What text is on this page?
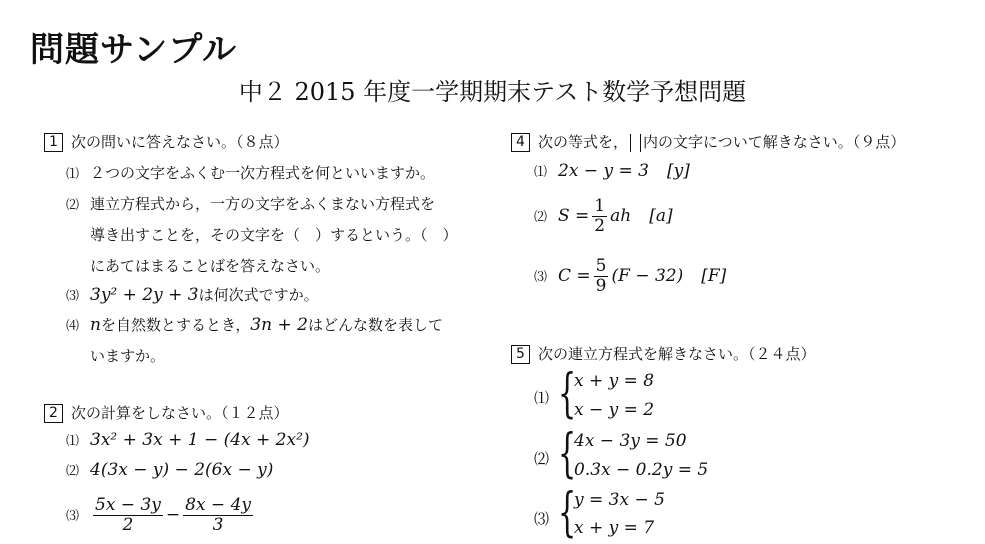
問題サンプル
中２ 2015 年度一学期期末テスト数学予想問題
1 次の問いに答えなさい。（８点）
⑴ ２つの文字をふくむ一次方程式を何といいますか。
⑵ 連立方程式から，一方の文字をふくまない方程式を
導き出すことを，その文字を（　）するという。（　）
にあてはまることばを答えなさい。
⑶ 3y² + 2y + 3は何次式ですか。
⑷ nを自然数とするとき，3n + 2はどんな数を表して
いますか。
2 次の計算をしなさい。（１２点）
⑴ 3x² + 3x + 1 − (4x + 2x²)
⑵ 4(3x − y) − 2(6x − y)
⑶ $\frac{5x - 3y}{2} - \frac{8x - 4y}{3}$
4 次の等式を， 内の文字について解きなさい。（９点）
⑴ 2x − y = 3 [y]
⑵ $S = \frac{1}{2}$ ah [a]
⑶ $C = \frac{5}{9} (F - 32)$ [F]
5 次の連立方程式を解きなさい。（２４点）
⑴ {
x + y = 8
x − y = 2
⑵ {
4x − 3y = 50
0.3x − 0.2y = 5
⑶ {
y = 3x − 5
x + y = 7
